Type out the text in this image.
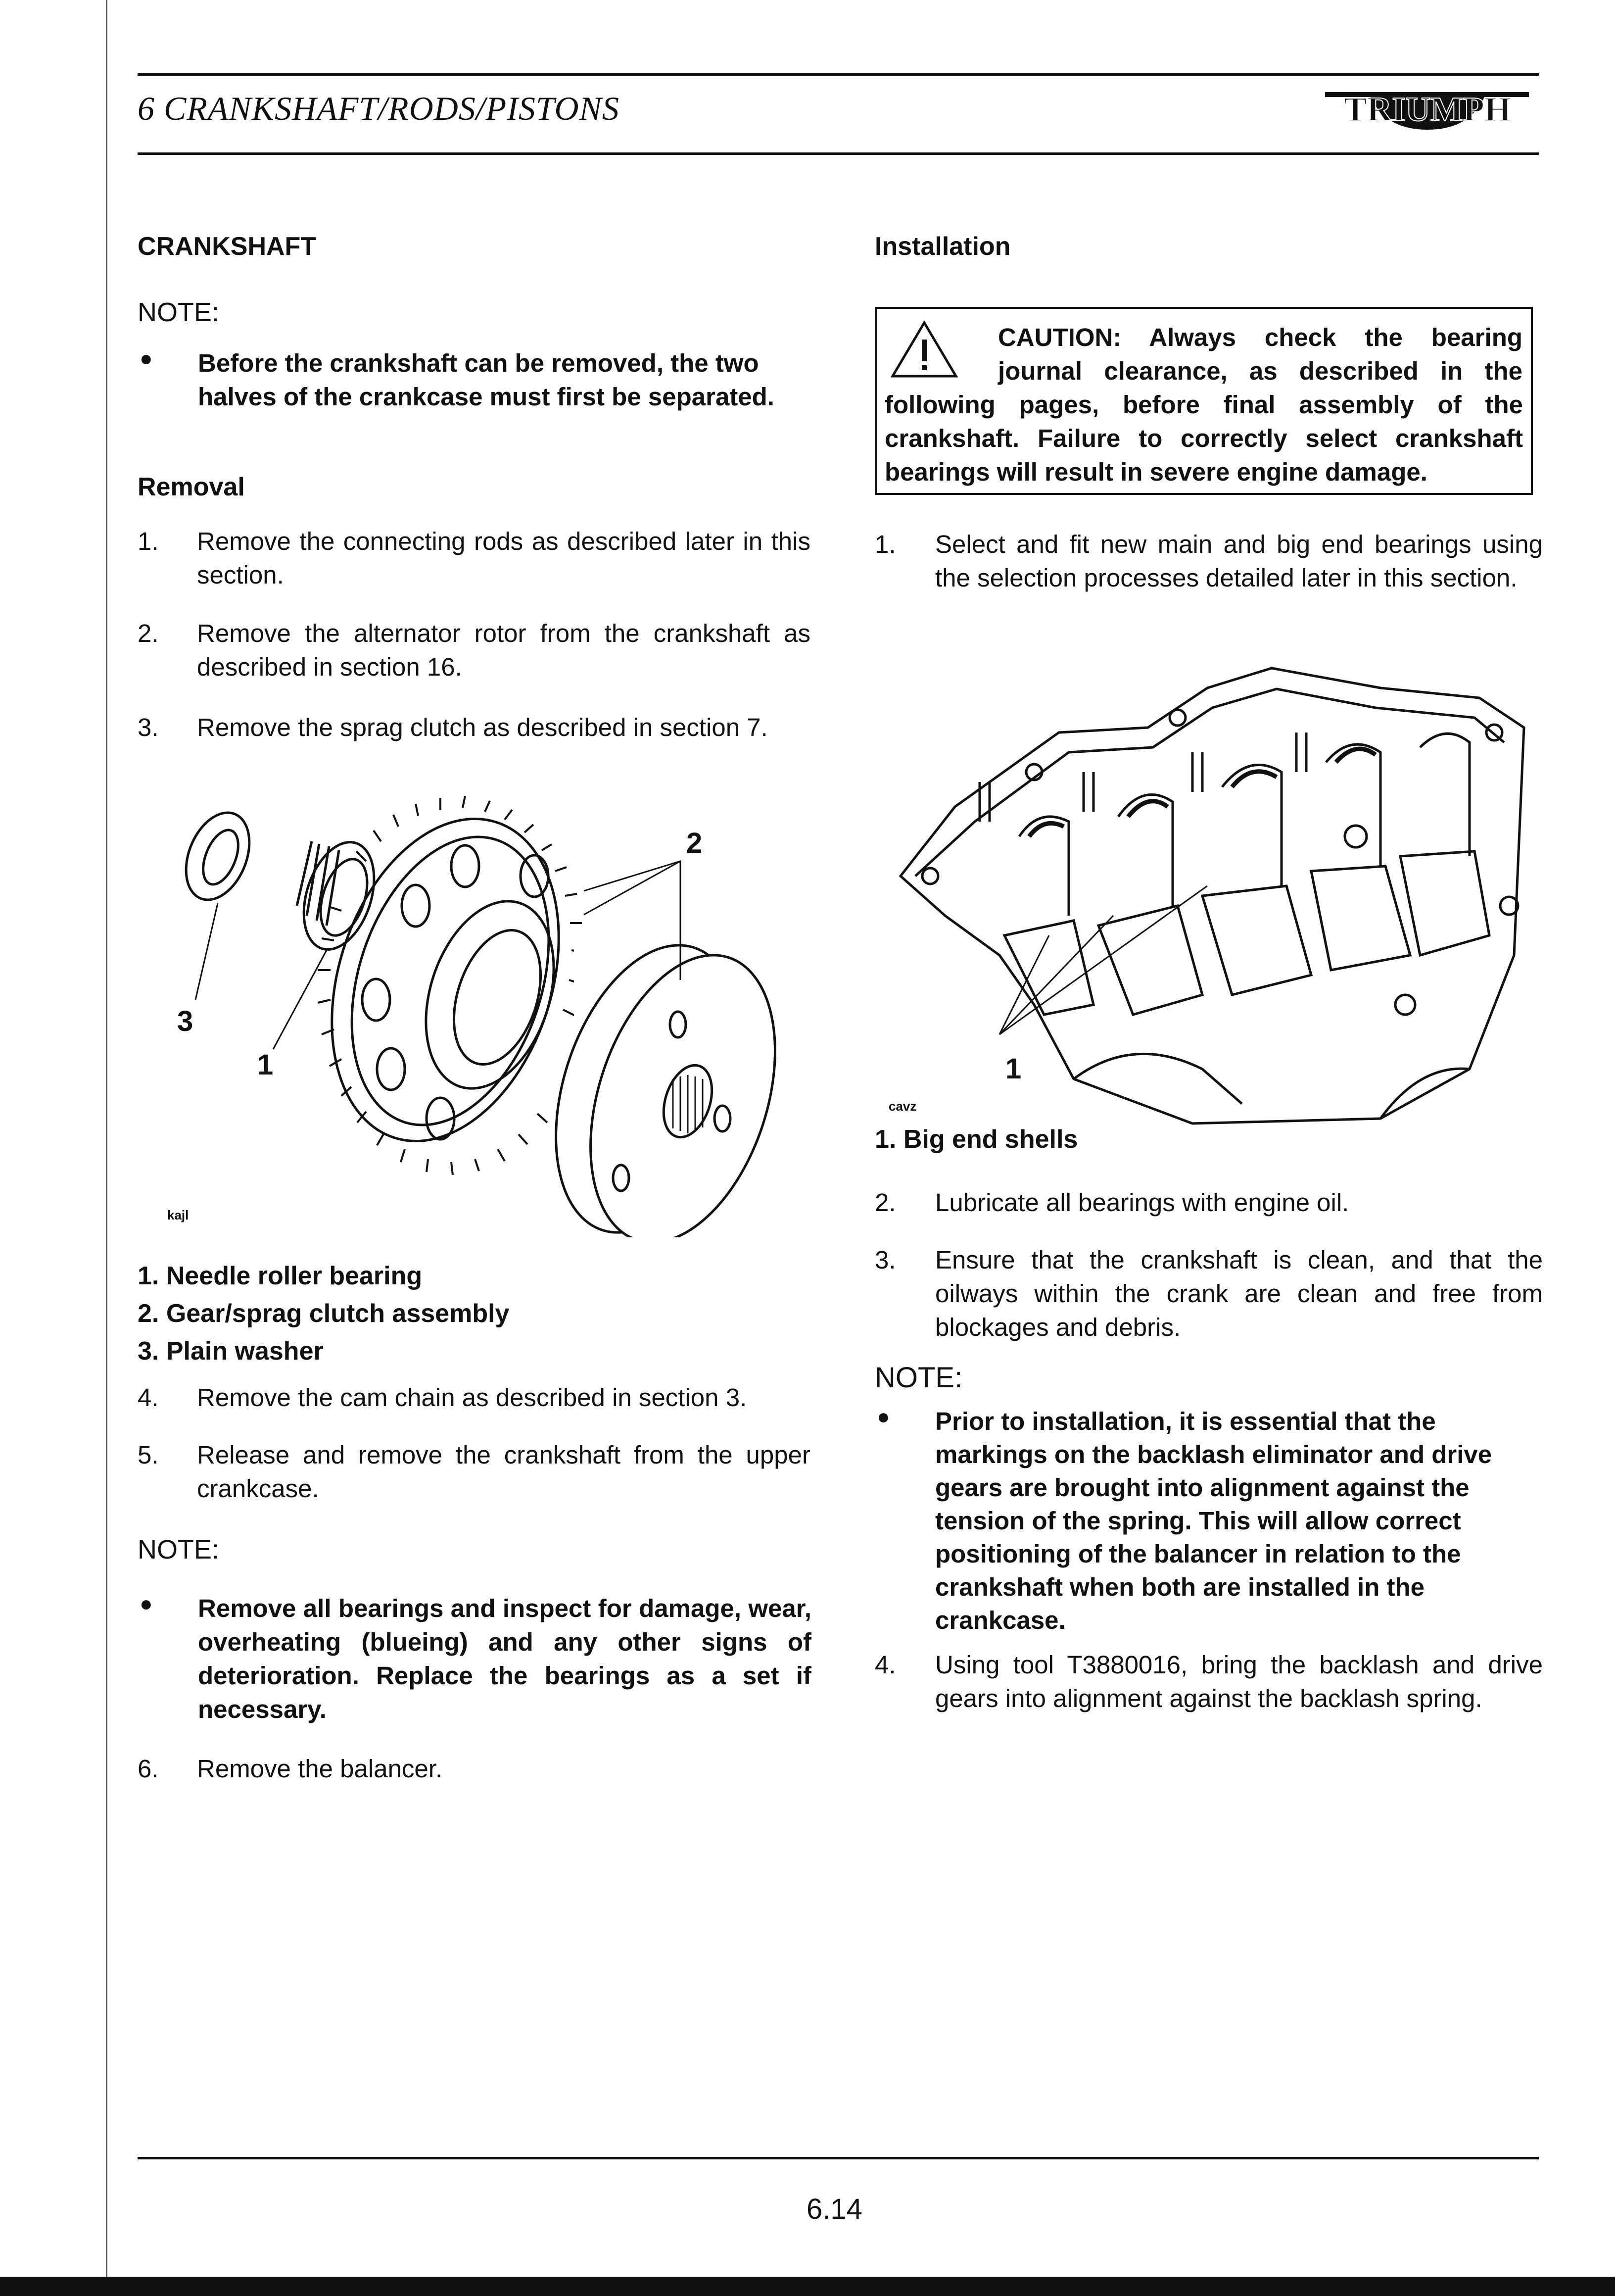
6 CRANKSHAFT/RODS/PISTONS	TRIUMPH
CRANKSHAFT
NOTE:
● Before the crankshaft can be removed, the two halves of the crankcase must first be separated.
Removal
1. Remove the connecting rods as described later in this section.
2. Remove the alternator rotor from the crankshaft as described in section 16.
3. Remove the sprag clutch as described in section 7.
2
3
1
kajl
1. Needle roller bearing
2. Gear/sprag clutch assembly
3. Plain washer
4. Remove the cam chain as described in section 3.
5. Release and remove the crankshaft from the upper crankcase.
NOTE:
● Remove all bearings and inspect for damage, wear, overheating (blueing) and any other signs of deterioration. Replace the bearings as a set if necessary.
6. Remove the balancer.
Installation
CAUTION: Always check the bearing
journal clearance, as described in the
following pages, before final assembly of the
crankshaft. Failure to correctly select crankshaft
bearings will result in severe engine damage.
1. Select and fit new main and big end bearings using the selection processes detailed later in this section.
1
cavz
1. Big end shells
2. Lubricate all bearings with engine oil.
3. Ensure that the crankshaft is clean, and that the oilways within the crank are clean and free from blockages and debris.
NOTE:
● Prior to installation, it is essential that the markings on the backlash eliminator and drive gears are brought into alignment against the tension of the spring. This will allow correct positioning of the balancer in relation to the crankshaft when both are installed in the crankcase.
4. Using tool T3880016, bring the backlash and drive gears into alignment against the backlash spring.
6.14
